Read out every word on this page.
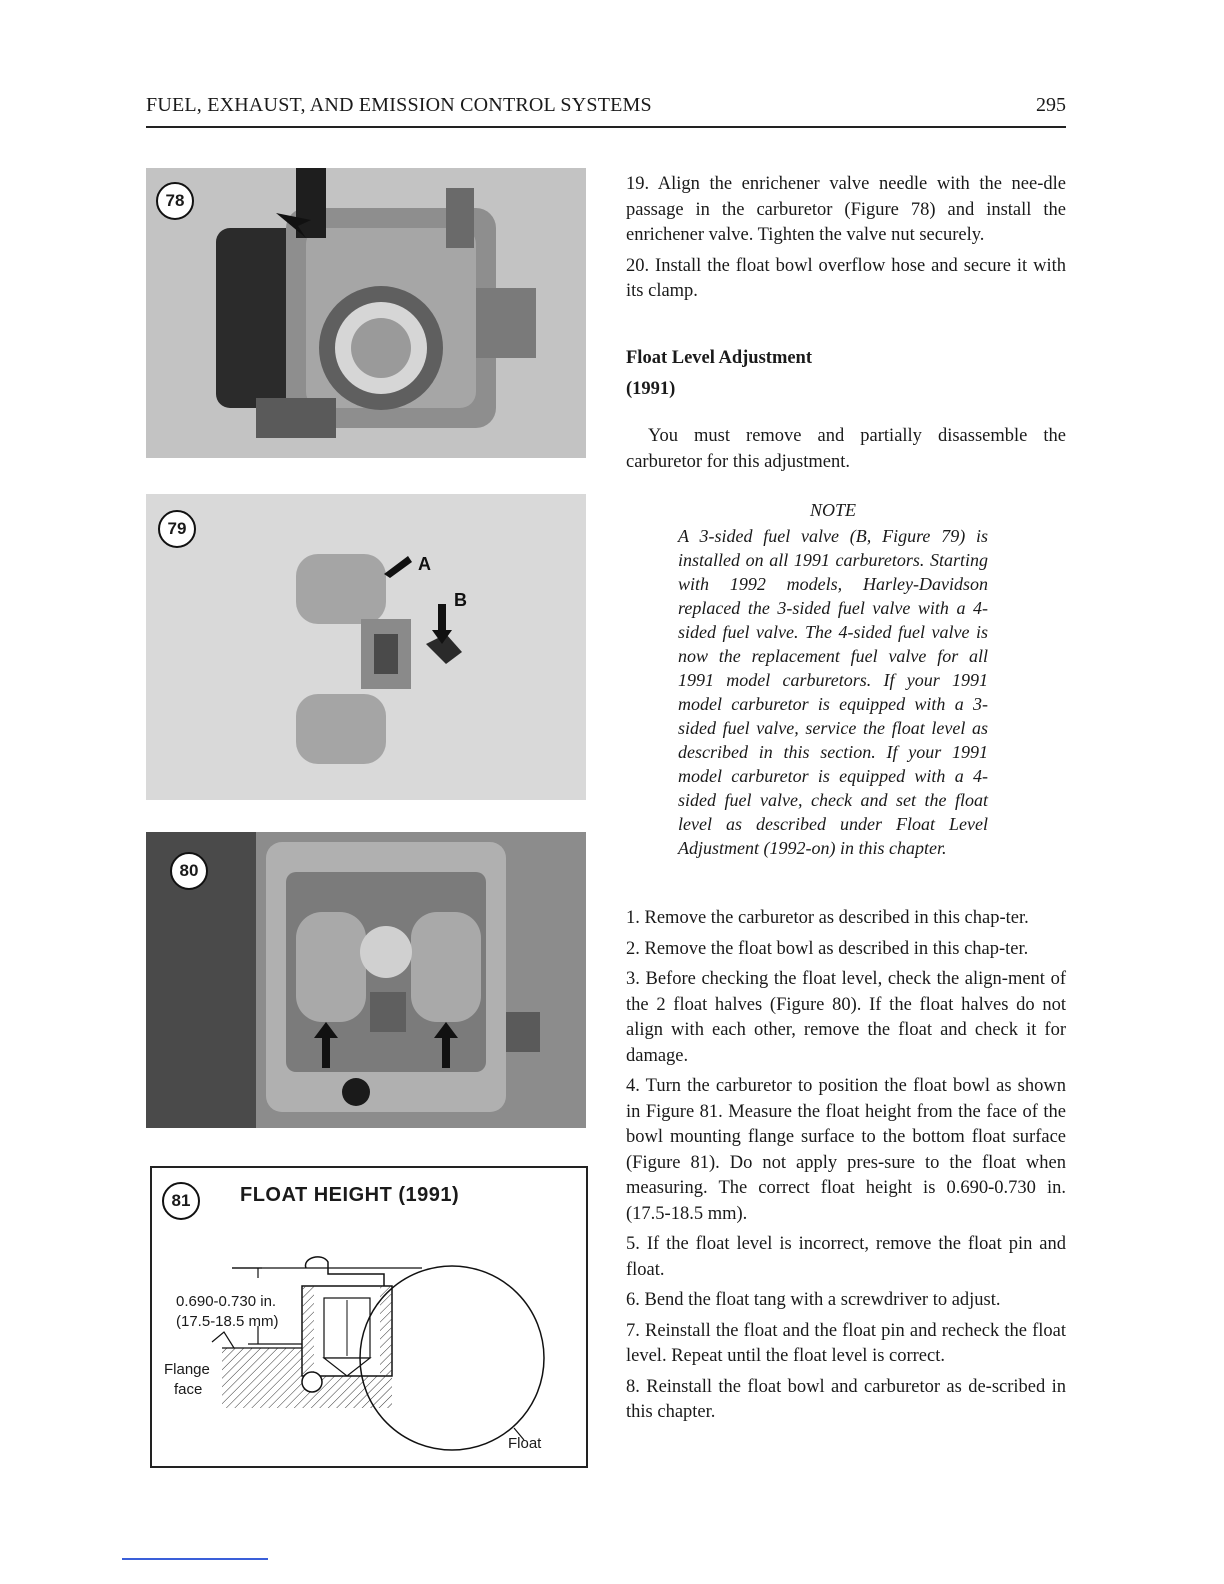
FUEL, EXHAUST, AND EMISSION CONTROL SYSTEMS	295
78
A
B
79
80
81	FLOAT HEIGHT (1991)
0.690-0.730 in.
(17.5-18.5 mm)
Flange
face
Float

19. Align the enrichener valve needle with the nee-dle passage in the carburetor (Figure 78) and install the enrichener valve. Tighten the valve nut securely.

20. Install the float bowl overflow hose and secure it with its clamp.

Float Level Adjustment

(1991)

You must remove and partially disassemble the carburetor for this adjustment.
NOTE
A 3-sided fuel valve (B, Figure 79) is installed on all 1991 carburetors. Starting with 1992 models, Harley-Davidson replaced the 3-sided fuel valve with a 4-sided fuel valve. The 4-sided fuel valve is now the replacement fuel valve for all 1991 model carburetors. If your 1991 model carburetor is equipped with a 3-sided fuel valve, service the float level as described in this section. If your 1991 model carburetor is equipped with a 4-sided fuel valve, check and set the float level as described under Float Level Adjustment (1992-on) in this chapter.

1. Remove the carburetor as described in this chap-ter.

2. Remove the float bowl as described in this chap-ter.

3. Before checking the float level, check the align-ment of the 2 float halves (Figure 80). If the float halves do not align with each other, remove the float and check it for damage.

4. Turn the carburetor to position the float bowl as shown in Figure 81. Measure the float height from the face of the bowl mounting flange surface to the bottom float surface (Figure 81). Do not apply pres-sure to the float when measuring. The correct float height is 0.690-0.730 in. (17.5-18.5 mm).

5. If the float level is incorrect, remove the float pin and float.

6. Bend the float tang with a screwdriver to adjust.

7. Reinstall the float and the float pin and recheck the float level. Repeat until the float level is correct.

8. Reinstall the float bowl and carburetor as de-scribed in this chapter.
